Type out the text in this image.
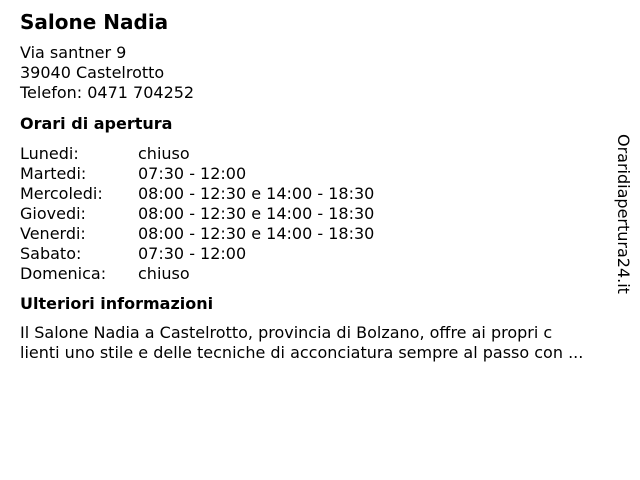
Salone Nadia
Via santner 9
39040 Castelrotto
Telefon: 0471 704252
Orari di apertura
Lunedi:	chiuso
Martedi:	07:30 - 12:00
Mercoledi:	08:00 - 12:30 e 14:00 - 18:30
Giovedi:	08:00 - 12:30 e 14:00 - 18:30
Venerdi:	08:00 - 12:30 e 14:00 - 18:30
Sabato:	07:30 - 12:00
Domenica:	chiuso
Ulteriori informazioni
Il Salone Nadia a Castelrotto, provincia di Bolzano, offre ai propri c
lienti uno stile e delle tecniche di acconciatura sempre al passo con ...
Oraridiapertura24.it
